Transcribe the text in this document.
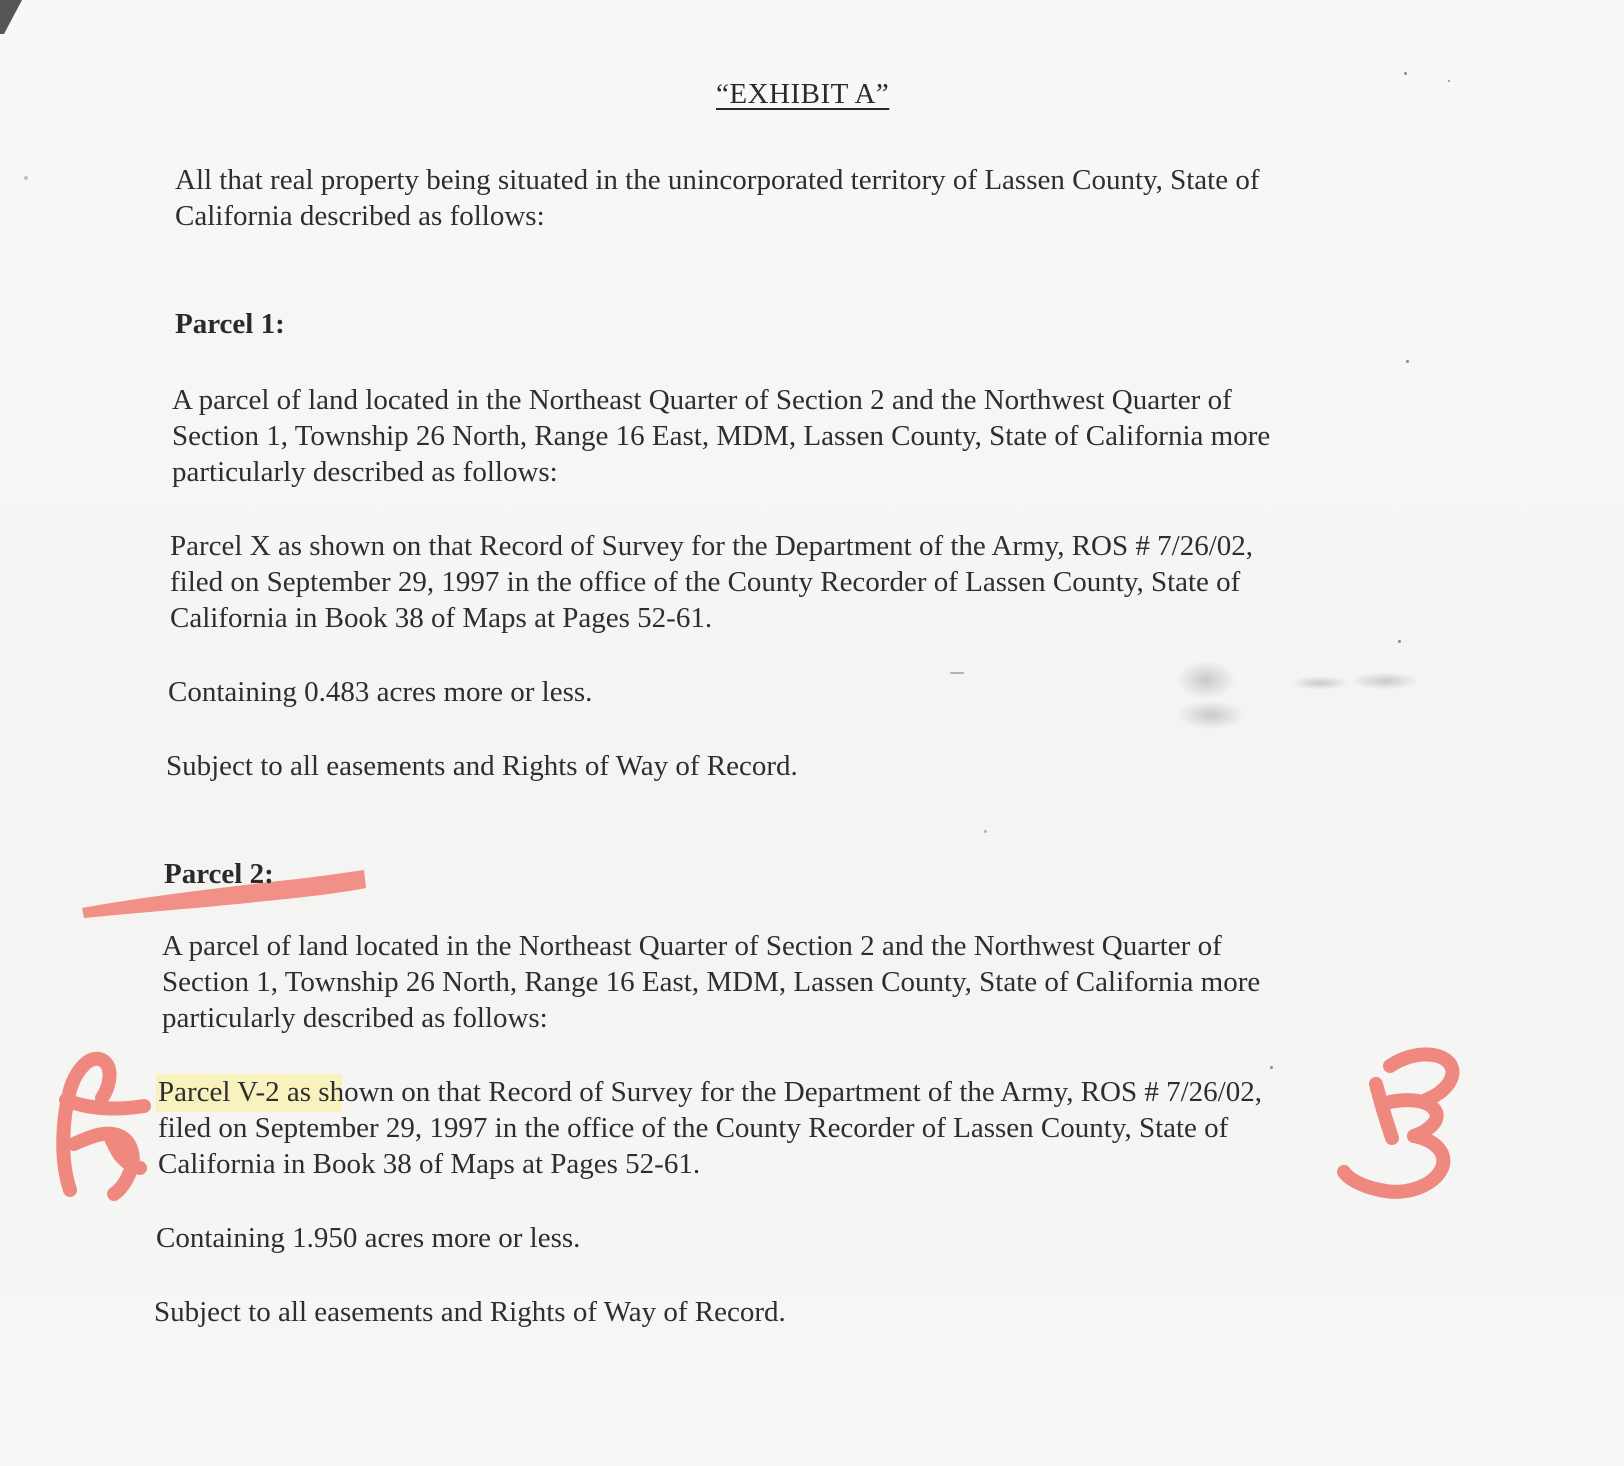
“EXHIBIT A”
All that real property being situated in the unincorporated territory of Lassen County, State of
California described as follows:
Parcel 1:
A parcel of land located in the Northeast Quarter of Section 2 and the Northwest Quarter of
Section 1, Township 26 North, Range 16 East, MDM, Lassen County, State of California more
particularly described as follows:
Parcel X as shown on that Record of Survey for the Department of the Army, ROS # 7/26/02,
filed on September 29, 1997 in the office of the County Recorder of Lassen County, State of
California in Book 38 of Maps at Pages 52-61.
Containing 0.483 acres more or less.
Subject to all easements and Rights of Way of Record.
Parcel 2:
A parcel of land located in the Northeast Quarter of Section 2 and the Northwest Quarter of
Section 1, Township 26 North, Range 16 East, MDM, Lassen County, State of California more
particularly described as follows:
Parcel V-2 as shown on that Record of Survey for the Department of the Army, ROS # 7/26/02,
filed on September 29, 1997 in the office of the County Recorder of Lassen County, State of
California in Book 38 of Maps at Pages 52-61.
Containing 1.950 acres more or less.
Subject to all easements and Rights of Way of Record.
